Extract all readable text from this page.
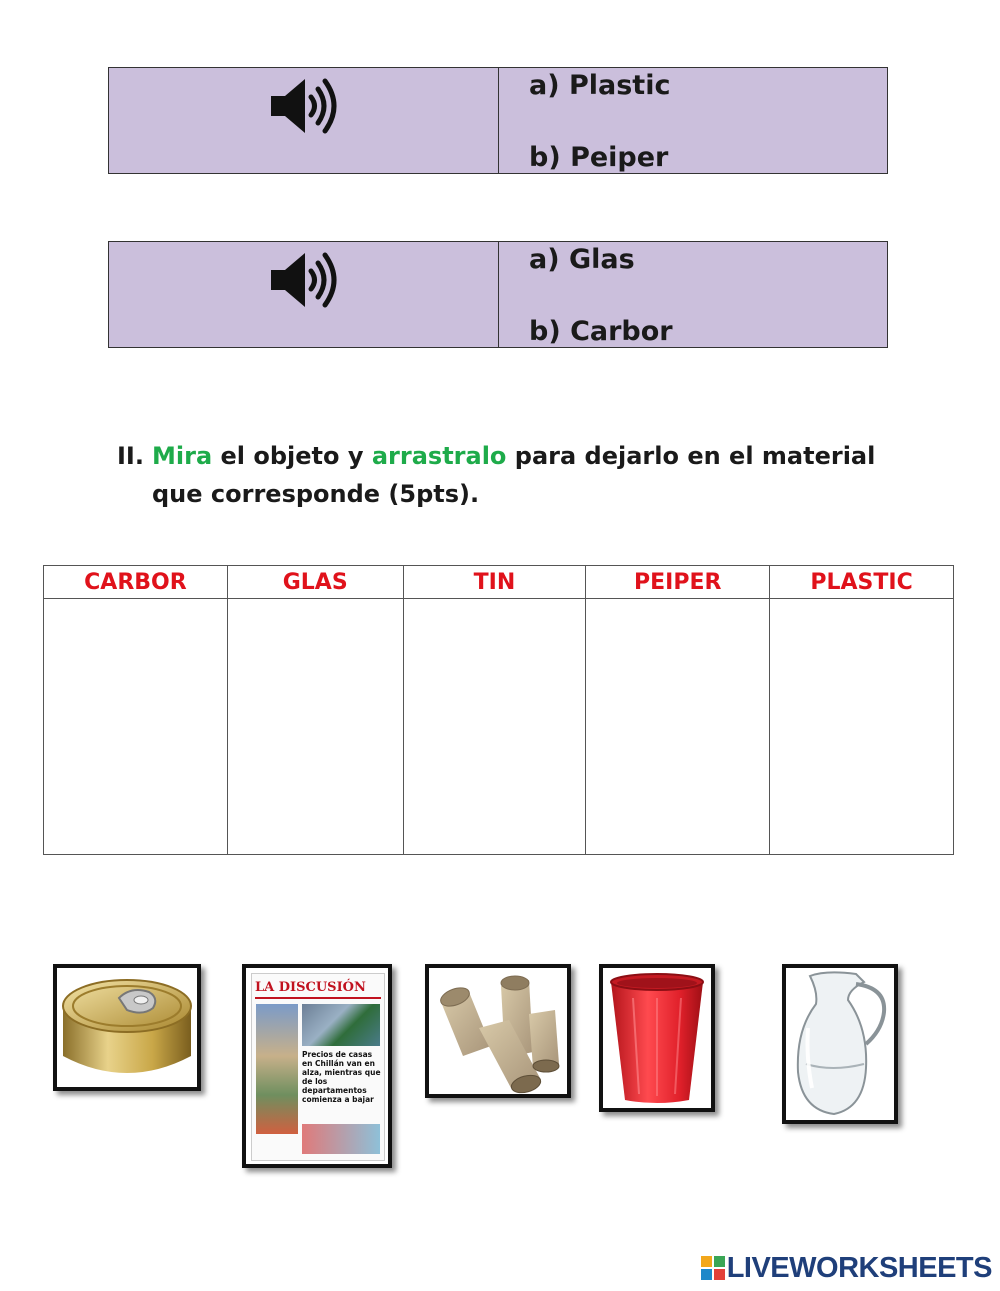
a) Plastic
b) Peiper
a) Glas
b) Carbor
II. Mira el objeto y arrastralo para dejarlo en el material que corresponde (5pts).
CARBOR	GLAS	TIN	PEIPER	PLASTIC

LA DISCUSIÓN
Precios de casas en Chillán van en alza, mientras que de los departamentos comienza a bajar
LIVEWORKSHEETS
